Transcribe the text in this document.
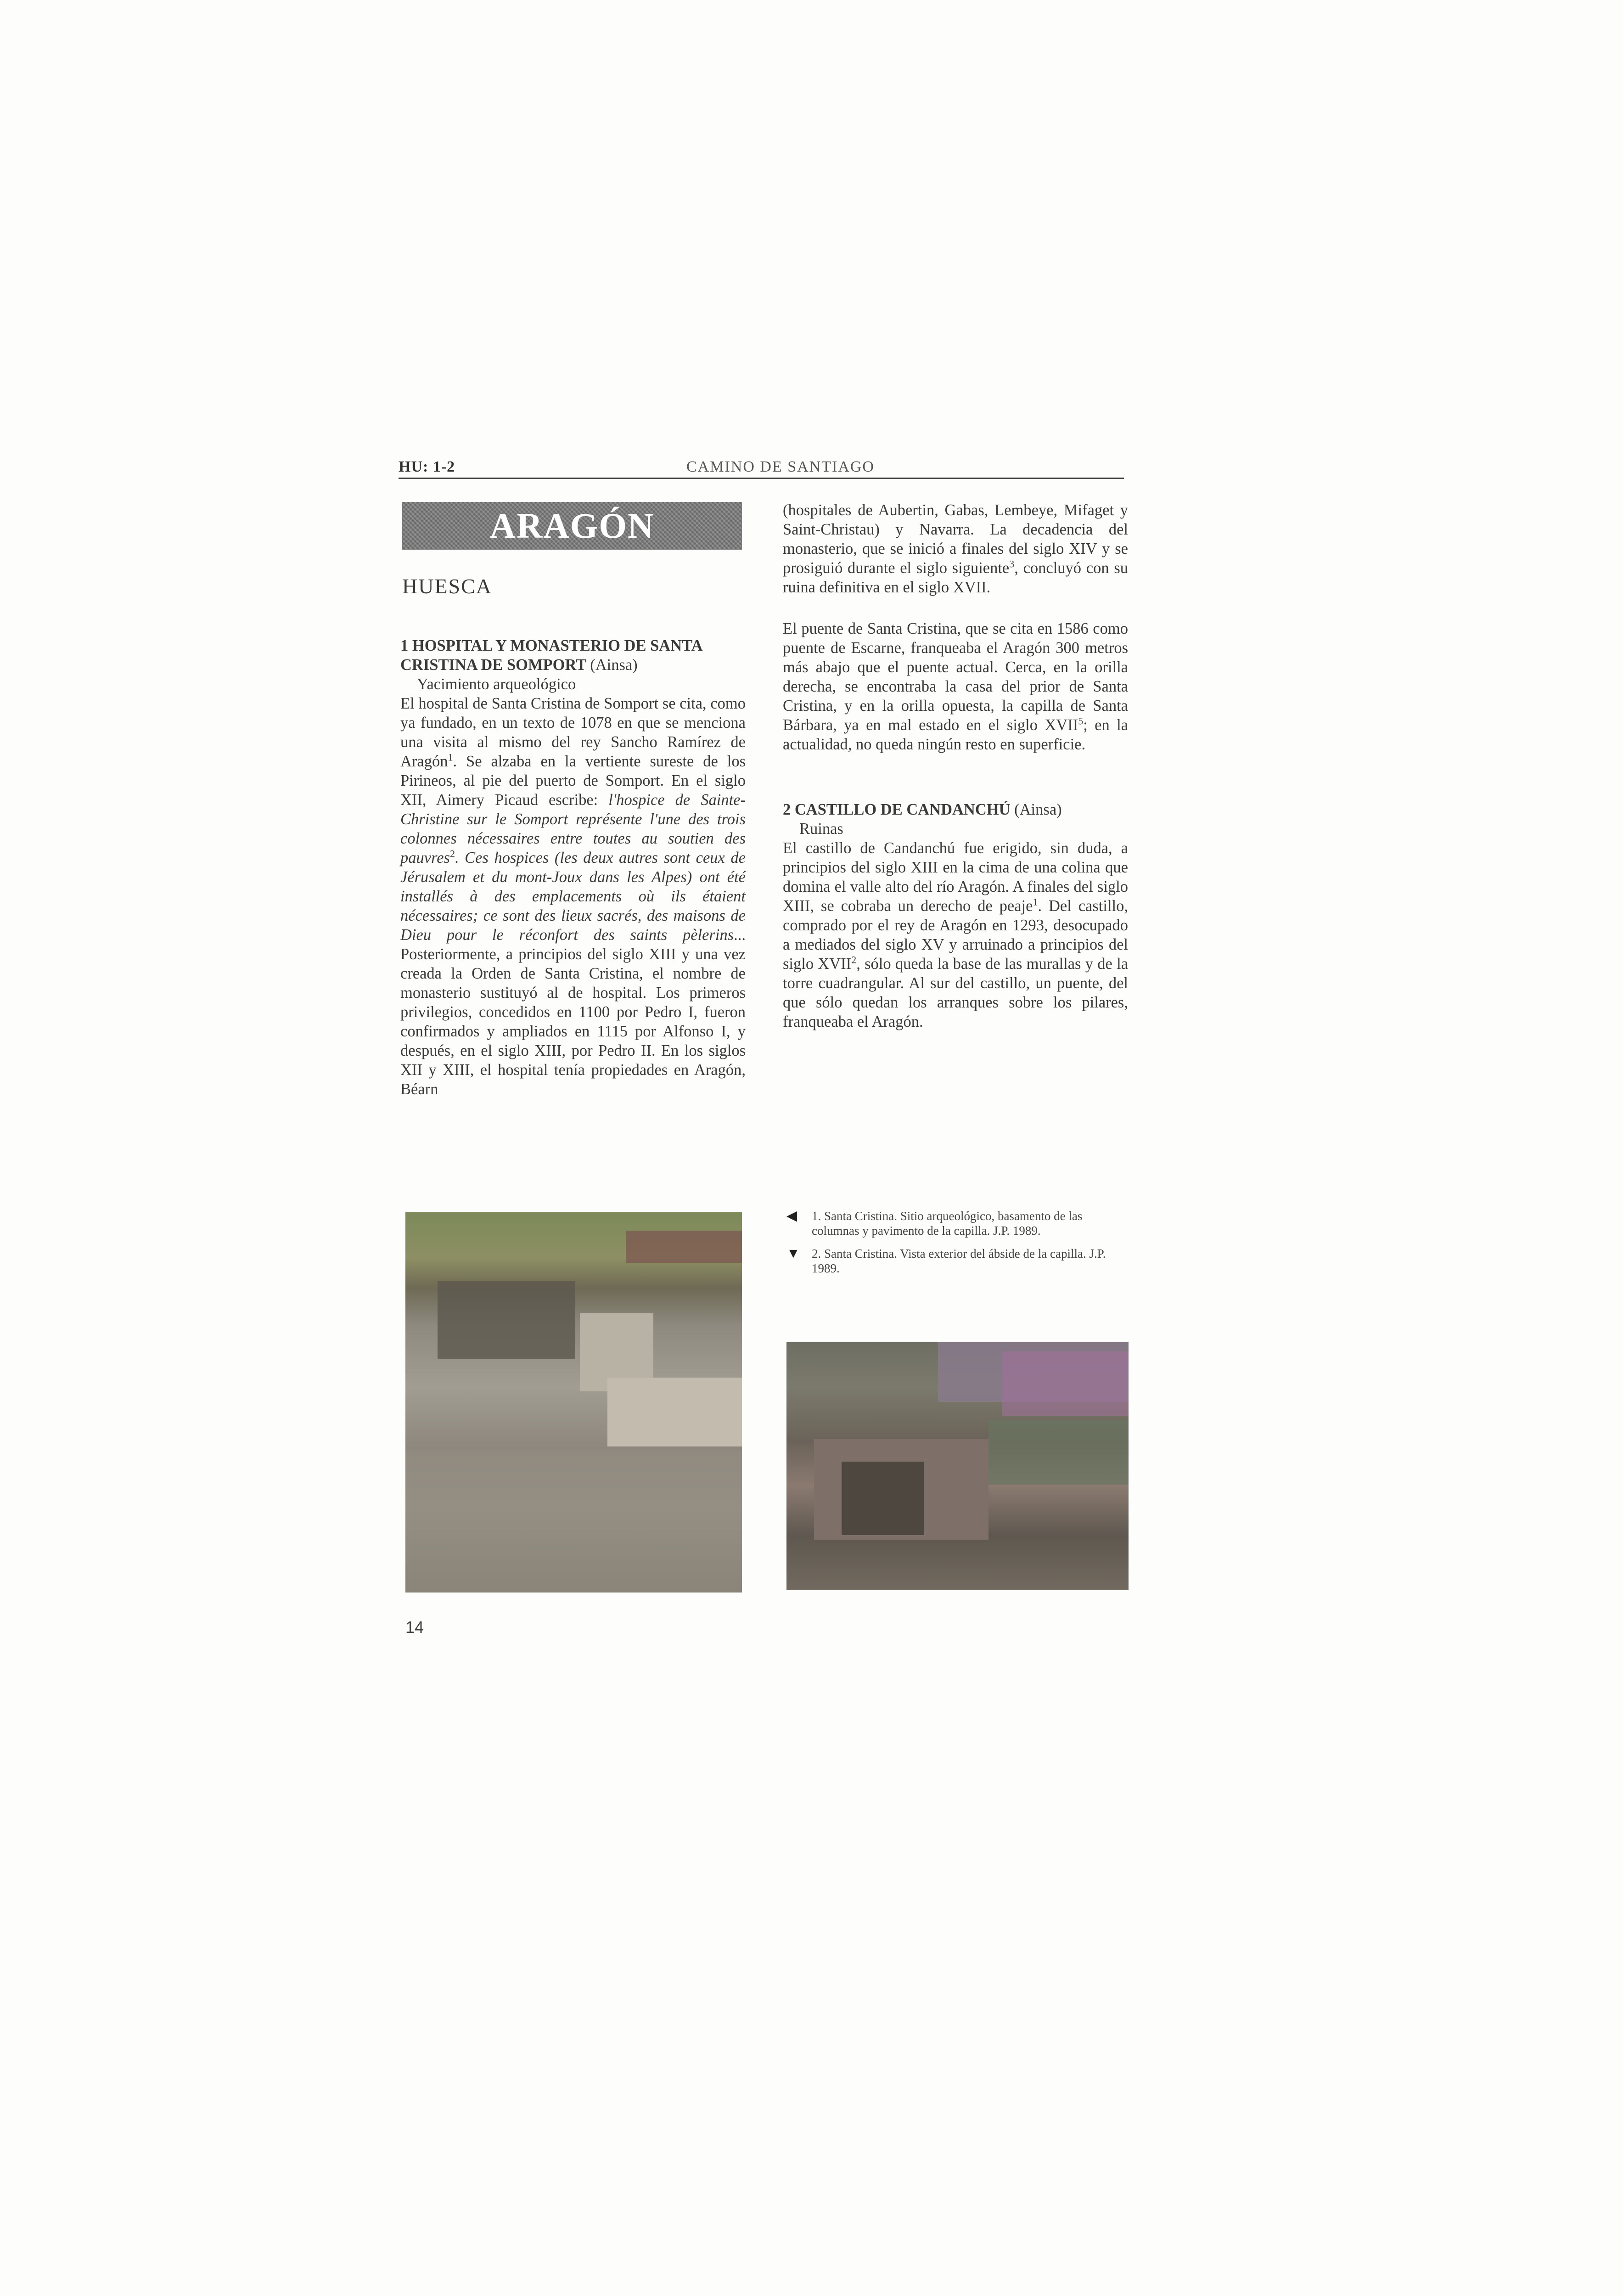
HU: 1-2	CAMINO DE SANTIAGO
ARAGÓN
HUESCA

1 HOSPITAL Y MONASTERIO DE SANTA CRISTINA DE SOMPORT (Ainsa)

Yacimiento arqueológico

El hospital de Santa Cristina de Somport se cita, como ya fundado, en un texto de 1078 en que se menciona una visita al mismo del rey Sancho Ramírez de Aragón$^1$. Se alzaba en la vertiente sureste de los Pirineos, al pie del puerto de Somport. En el siglo XII, Aimery Picaud escribe: l'hospice de Sainte-Christine sur le Somport représente l'une des trois colonnes nécessaires entre toutes au soutien des pauvres$^2$. Ces hospices (les deux autres sont ceux de Jérusalem et du mont-Joux dans les Alpes) ont été installés à des emplacements où ils étaient nécessaires; ce sont des lieux sacrés, des maisons de Dieu pour le réconfort des saints pèlerins... Posteriormente, a principios del siglo XIII y una vez creada la Orden de Santa Cristina, el nombre de monasterio sustituyó al de hospital. Los primeros privilegios, concedidos en 1100 por Pedro I, fueron confirmados y ampliados en 1115 por Alfonso I, y después, en el siglo XIII, por Pedro II. En los siglos XII y XIII, el hospital tenía propiedades en Aragón, Béarn

(hospitales de Aubertin, Gabas, Lembeye, Mifaget y Saint-Christau) y Navarra. La decadencia del monasterio, que se inició a finales del siglo XIV y se prosiguió durante el siglo siguiente$^3$, concluyó con su ruina definitiva en el siglo XVII.

El puente de Santa Cristina, que se cita en 1586 como puente de Escarne, franqueaba el Aragón 300 metros más abajo que el puente actual. Cerca, en la orilla derecha, se encontraba la casa del prior de Santa Cristina, y en la orilla opuesta, la capilla de Santa Bárbara, ya en mal estado en el siglo XVII$^5$; en la actualidad, no queda ningún resto en superficie.

2 CASTILLO DE CANDANCHÚ (Ainsa)

Ruinas

El castillo de Candanchú fue erigido, sin duda, a principios del siglo XIII en la cima de una colina que domina el valle alto del río Aragón. A finales del siglo XIII, se cobraba un derecho de peaje$^1$. Del castillo, comprado por el rey de Aragón en 1293, desocupado a mediados del siglo XV y arruinado a principios del siglo XVII$^2$, sólo queda la base de las murallas y de la torre cuadrangular. Al sur del castillo, un puente, del que sólo quedan los arranques sobre los pilares, franqueaba el Aragón.

◀ 1. Santa Cristina. Sitio arqueológico, basamento de las columnas y pavimento de la capilla. J.P. 1989.
▼ 2. Santa Cristina. Vista exterior del ábside de la capilla. J.P. 1989.
14
